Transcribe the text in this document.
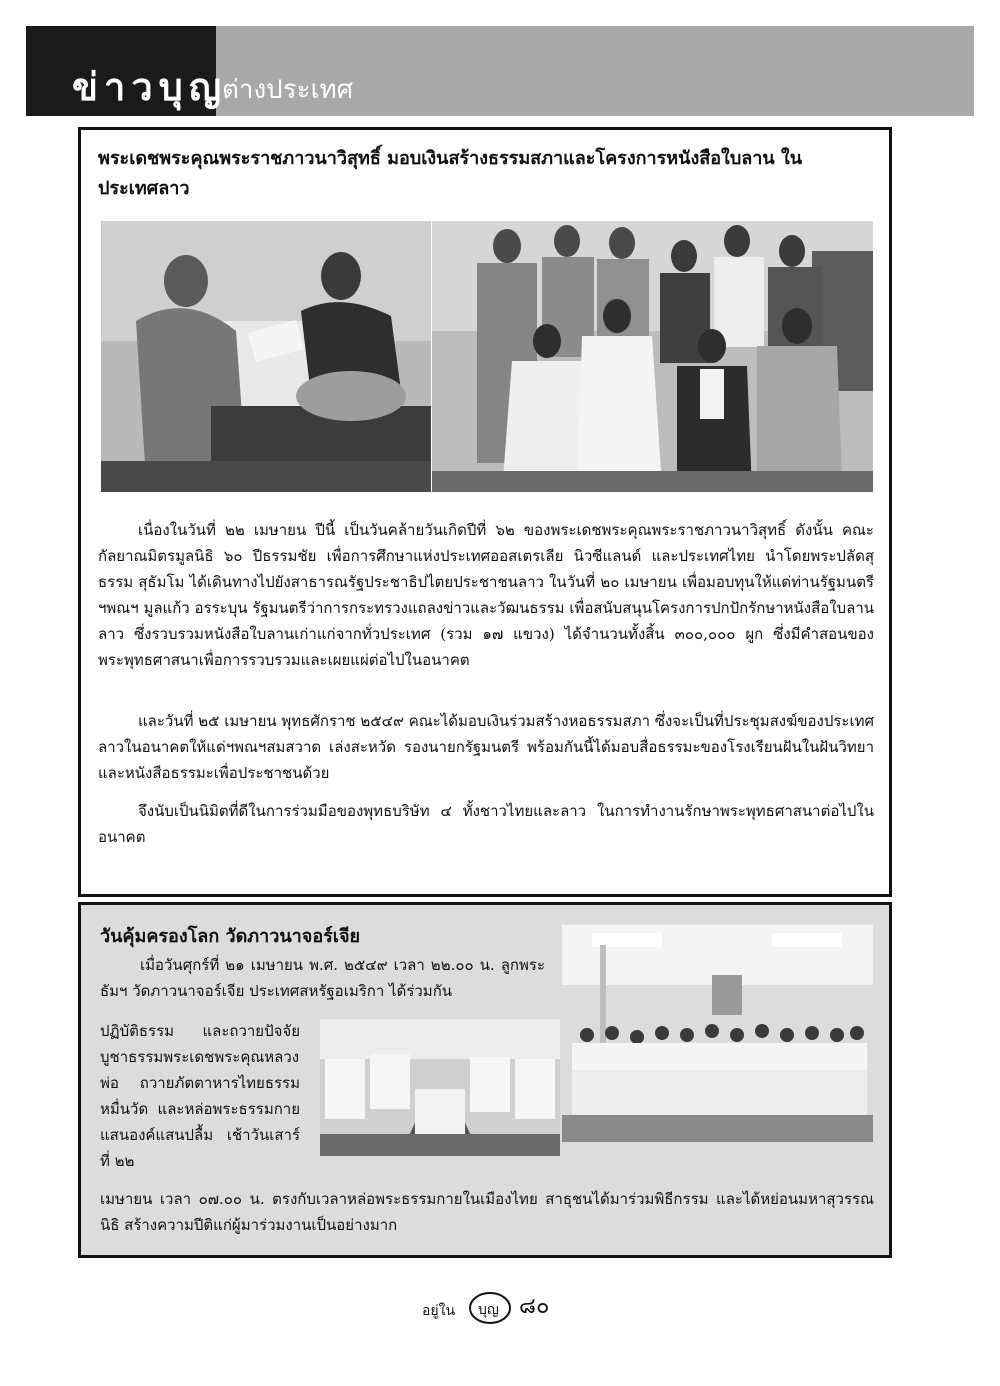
ข่าวบุญ
ต่างประเทศ
พระเดชพระคุณพระราชภาวนาวิสุทธิ์ มอบเงินสร้างธรรมสภาและโครงการหนังสือใบลาน ในประเทศลาว
เนื่องในวันที่ ๒๒ เมษายน ปีนี้ เป็นวันคล้ายวันเกิดปีที่ ๖๒ ของพระเดชพระคุณพระราชภาวนาวิสุทธิ์ ดังนั้น คณะกัลยาณมิตรมูลนิธิ ๖๐ ปีธรรมชัย เพื่อการศึกษาแห่งประเทศออสเตรเลีย นิวซีแลนด์ และประเทศไทย นำโดยพระปลัดสุธรรม สุธัมโม ได้เดินทางไปยังสาธารณรัฐประชาธิปไตยประชาชนลาว ในวันที่ ๒๐ เมษายน เพื่อมอบทุนให้แด่ท่านรัฐมนตรีฯพณฯ มูลแก้ว อรระบุน รัฐมนตรีว่าการกระทรวงแถลงข่าวและวัฒนธรรม เพื่อสนับสนุนโครงการปกปักรักษาหนังสือใบลานลาว ซึ่งรวบรวมหนังสือใบลานเก่าแก่จากทั่วประเทศ (รวม ๑๗ แขวง) ได้จำนวนทั้งสิ้น ๓๐๐,๐๐๐ ผูก ซึ่งมีคำสอนของพระพุทธศาสนาเพื่อการรวบรวมและเผยแผ่ต่อไปในอนาคต
และวันที่ ๒๕ เมษายน พุทธศักราช ๒๕๔๙ คณะได้มอบเงินร่วมสร้างหอธรรมสภา ซึ่งจะเป็นที่ประชุมสงฆ์ของประเทศลาวในอนาคตให้แด่ฯพณฯสมสวาด เล่งสะหวัด รองนายกรัฐมนตรี พร้อมกันนี้ได้มอบสื่อธรรมะของโรงเรียนฝันในฝันวิทยาและหนังสือธรรมะเพื่อประชาชนด้วย
จึงนับเป็นนิมิตที่ดีในการร่วมมือของพุทธบริษัท ๔ ทั้งชาวไทยและลาว ในการทำงานรักษาพระพุทธศาสนาต่อไปในอนาคต
วันคุ้มครองโลก วัดภาวนาจอร์เจีย
เมื่อวันศุกร์ที่ ๒๑ เมษายน พ.ศ. ๒๕๔๙ เวลา ๒๒.๐๐ น. ลูกพระธัมฯ วัดภาวนาจอร์เจีย ประเทศสหรัฐอเมริกา ได้ร่วมกัน
ปฏิบัติธรรม และถวายปัจจัยบูชาธรรมพระเดชพระคุณหลวงพ่อ ถวายภัตตาหารไทยธรรมหมื่นวัด และหล่อพระธรรมกายแสนองค์แสนปลื้ม เช้าวันเสาร์ ที่ ๒๒
เมษายน เวลา ๐๗.๐๐ น. ตรงกับเวลาหล่อพระธรรมกายในเมืองไทย สาธุชนได้มาร่วมพิธีกรรม และได้หย่อนมหาสุวรรณนิธิ สร้างความปีติแก่ผู้มาร่วมงานเป็นอย่างมาก
อยู่ใน บุญ ๘๐
